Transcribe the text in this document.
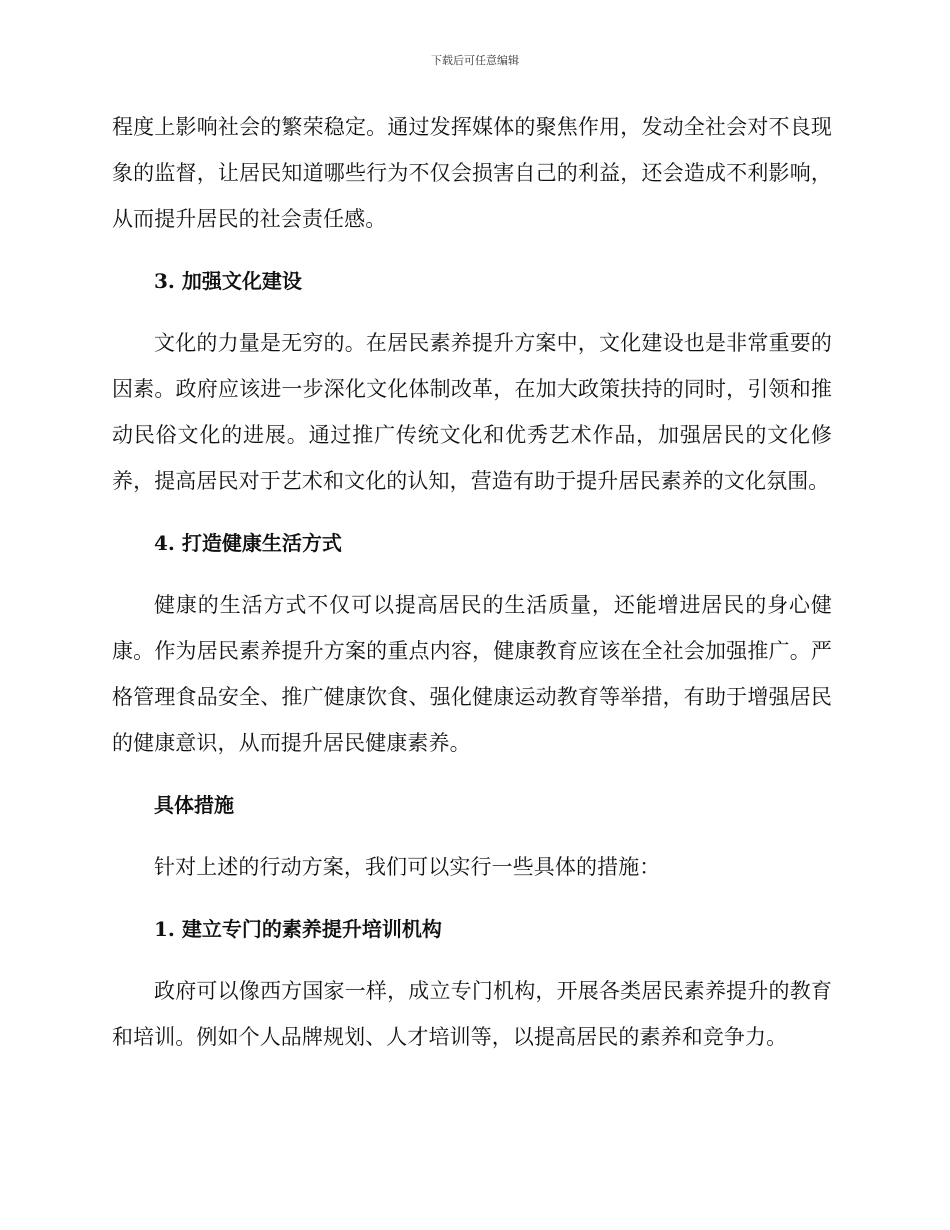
下载后可任意编辑

程度上影响社会的繁荣稳定。通过发挥媒体的聚焦作用，发动全社会对不良现象的监督，让居民知道哪些行为不仅会损害自己的利益，还会造成不利影响，从而提升居民的社会责任感。

3. 加强文化建设

文化的力量是无穷的。在居民素养提升方案中，文化建设也是非常重要的因素。政府应该进一步深化文化体制改革，在加大政策扶持的同时，引领和推动民俗文化的进展。通过推广传统文化和优秀艺术作品，加强居民的文化修养，提高居民对于艺术和文化的认知，营造有助于提升居民素养的文化氛围。

4. 打造健康生活方式

健康的生活方式不仅可以提高居民的生活质量，还能增进居民的身心健康。作为居民素养提升方案的重点内容，健康教育应该在全社会加强推广。严格管理食品安全、推广健康饮食、强化健康运动教育等举措，有助于增强居民的健康意识，从而提升居民健康素养。

具体措施

针对上述的行动方案，我们可以实行一些具体的措施：

1. 建立专门的素养提升培训机构

政府可以像西方国家一样，成立专门机构，开展各类居民素养提升的教育和培训。例如个人品牌规划、人才培训等，以提高居民的素养和竞争力。
